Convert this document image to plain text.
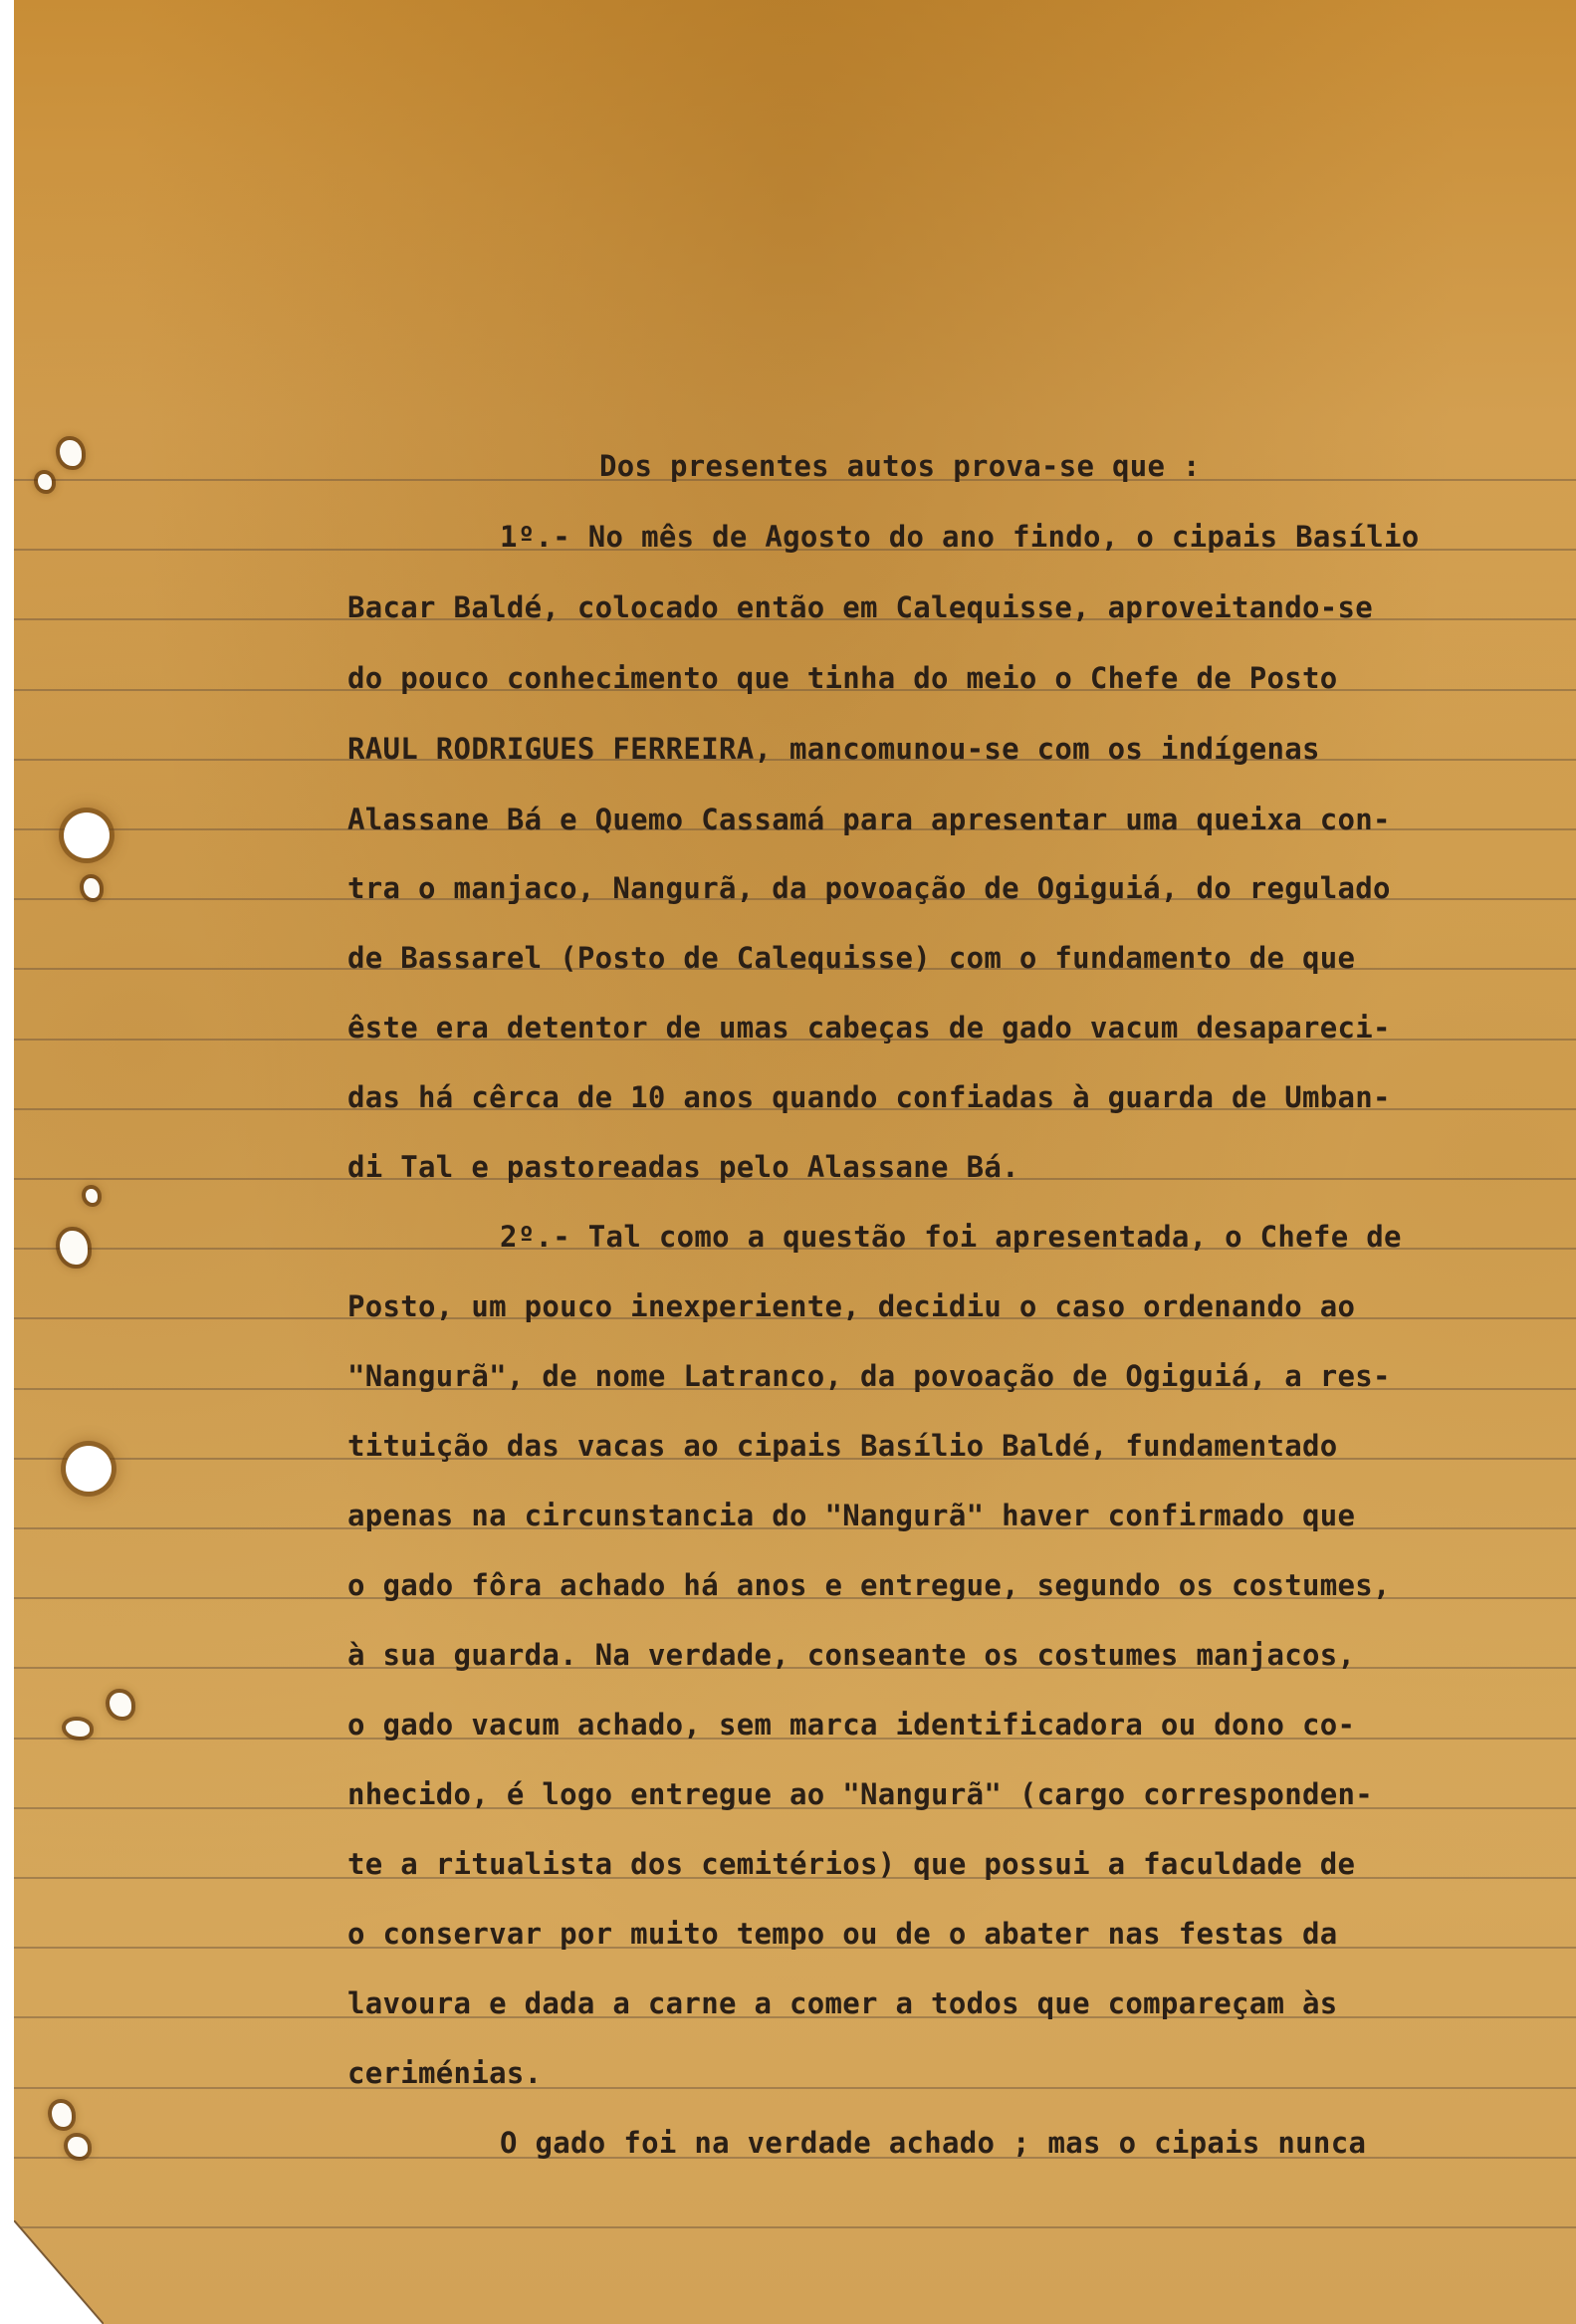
Dos presentes autos prova-se que :
1º.- No mês de Agosto do ano findo, o cipais Basílio
Bacar Baldé, colocado então em Calequisse, aproveitando-se
do pouco conhecimento que tinha do meio o Chefe de Posto
RAUL RODRIGUES FERREIRA, mancomunou-se com os indígenas
Alassane Bá e Quemo Cassamá para apresentar uma queixa con-
tra o manjaco, Nangurã, da povoação de Ogiguiá, do regulado
de Bassarel (Posto de Calequisse) com o fundamento de que
êste era detentor de umas cabeças de gado vacum desapareci-
das há cêrca de 10 anos quando confiadas à guarda de Umban-
di Tal e pastoreadas pelo Alassane Bá.
2º.- Tal como a questão foi apresentada, o Chefe de
Posto, um pouco inexperiente, decidiu o caso ordenando ao
"Nangurã", de nome Latranco, da povoação de Ogiguiá, a res-
tituição das vacas ao cipais Basílio Baldé, fundamentado
apenas na circunstancia do "Nangurã" haver confirmado que
o gado fôra achado há anos e entregue, segundo os costumes,
à sua guarda. Na verdade, conseante os costumes manjacos,
o gado vacum achado, sem marca identificadora ou dono co-
nhecido, é logo entregue ao "Nangurã" (cargo corresponden-
te a ritualista dos cemitérios) que possui a faculdade de
o conservar por muito tempo ou de o abater nas festas da
lavoura e dada a carne a comer a todos que compareçam às
ceriménias.
O gado foi na verdade achado ; mas o cipais nunca
